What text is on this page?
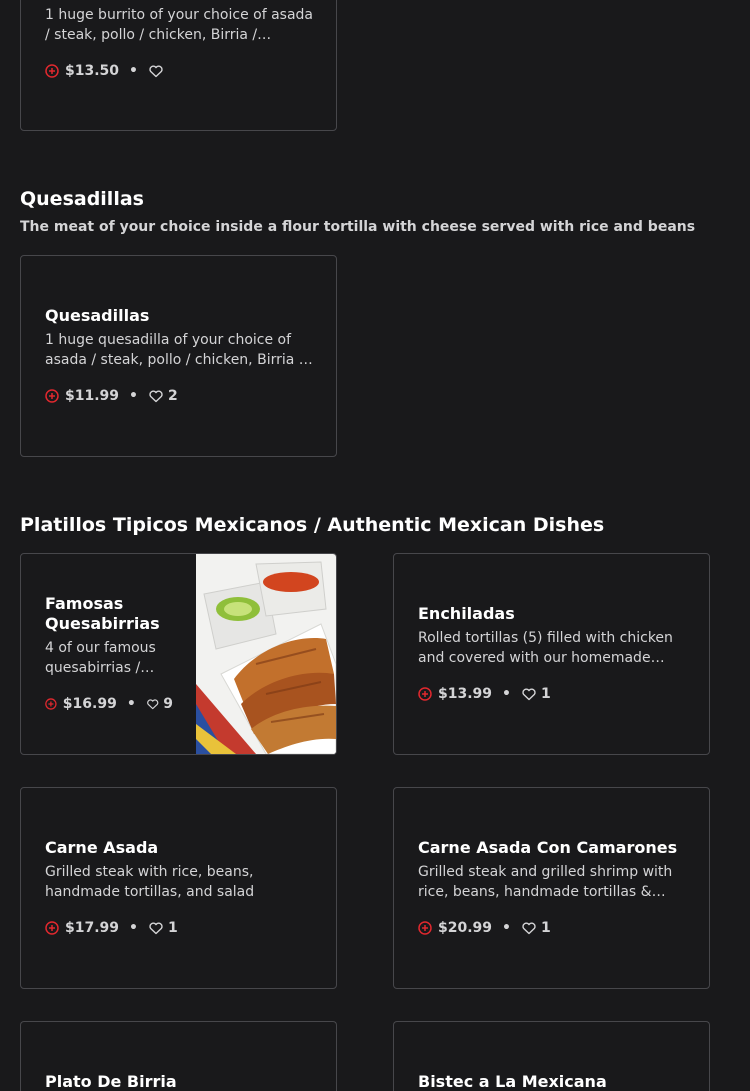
1 huge burrito of your choice of asada / steak, pollo / chicken, Birria /

$13.50 •
Quesadillas

The meat of your choice inside a flour tortilla with cheese served with rice and beans

Quesadillas

1 huge quesadilla of your choice of asada / steak, pollo / chicken, Birria /

$11.99 • 2
Platillos Tipicos Mexicanos / Authentic Mexican Dishes

Famosas Quesabirrias

4 of our famous quesabirrias /

$16.99 • 9

Enchiladas

Rolled tortillas (5) filled with chicken and covered with our homemade

$13.99 • 1

Carne Asada

Grilled steak with rice, beans, handmade tortillas, and salad

$17.99 • 1

Carne Asada Con Camarones

Grilled steak and grilled shrimp with rice, beans, handmade tortillas &

$20.99 • 1

Plato De Birria	Bistec a La Mexicana
